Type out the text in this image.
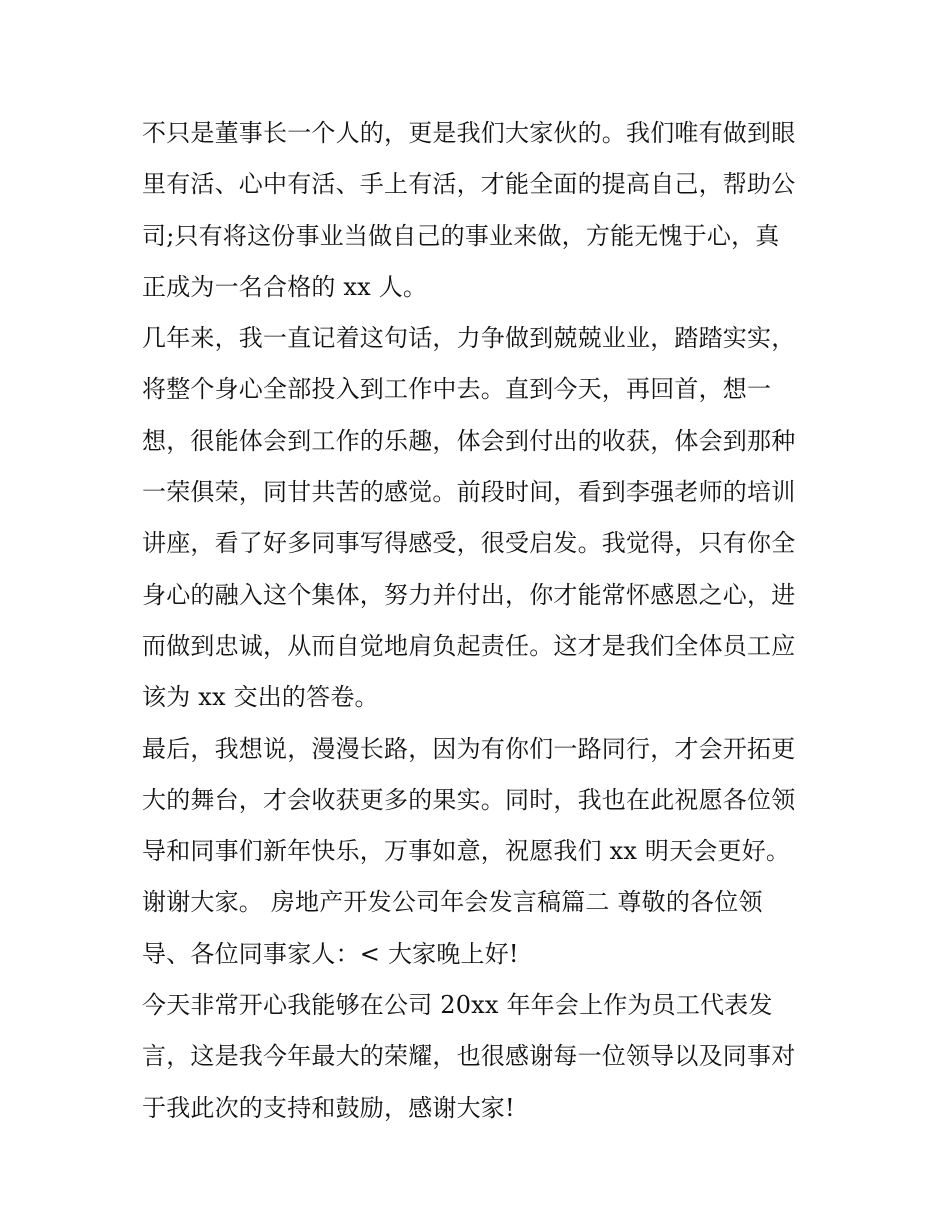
不只是董事长一个人的，更是我们大家伙的。我们唯有做到眼
里有活、心中有活、手上有活，才能全面的提高自己，帮助公
司;只有将这份事业当做自己的事业来做，方能无愧于心，真
正成为一名合格的 xx 人。
几年来，我一直记着这句话，力争做到兢兢业业，踏踏实实，
将整个身心全部投入到工作中去。直到今天，再回首，想一
想，很能体会到工作的乐趣，体会到付出的收获，体会到那种
一荣俱荣，同甘共苦的感觉。前段时间，看到李强老师的培训
讲座，看了好多同事写得感受，很受启发。我觉得，只有你全
身心的融入这个集体，努力并付出，你才能常怀感恩之心，进
而做到忠诚，从而自觉地肩负起责任。这才是我们全体员工应
该为 xx 交出的答卷。
最后，我想说，漫漫长路，因为有你们一路同行，才会开拓更
大的舞台，才会收获更多的果实。同时，我也在此祝愿各位领
导和同事们新年快乐，万事如意，祝愿我们 xx 明天会更好。
谢谢大家。 房地产开发公司年会发言稿篇二 尊敬的各位领
导、各位同事家人：< 大家晚上好!
今天非常开心我能够在公司 20xx 年年会上作为员工代表发
言，这是我今年最大的荣耀，也很感谢每一位领导以及同事对
于我此次的支持和鼓励，感谢大家!
